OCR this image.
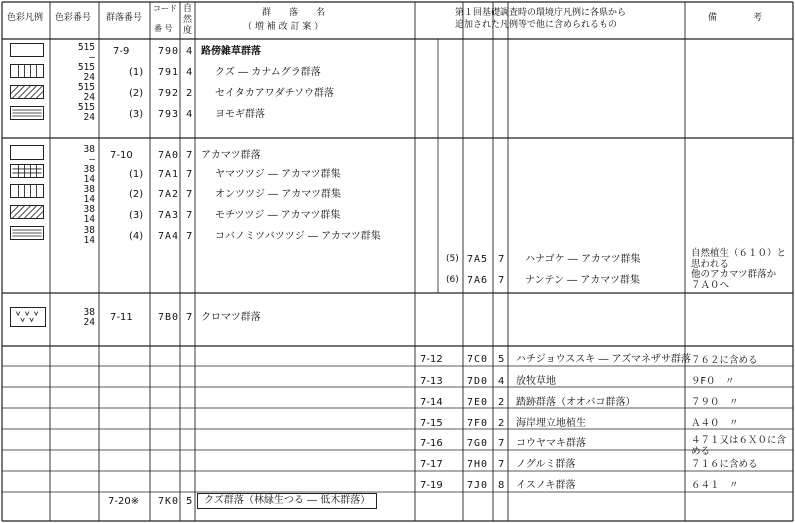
色彩凡例 色彩番号 群落番号
コード
番 号
自
然
度
群　　落　　名
（ 増 補 改 訂 案 ）
第１回基礎調査時の環境庁凡例に各県から
追加された凡例等で他に含められるもの
備　　　　考
515
—
515
24
515
24
515
24
7-9
(1)
(2)
(3)
790
791
792
793
4
4
2
4
路傍雑草群落
クズ ― カナムグラ群落
セイタカアワダチソウ群落
ヨモギ群落
38
—
38
14
38
14
38
14
38
14
7-10
(1)
(2)
(3)
(4)
7A0
7A1
7A2
7A3
7A4
7
7
7
7
7
アカマツ群落
ヤマツツジ ― アカマツ群集
オンツツジ ― アカマツ群集
モチツツジ ― アカマツ群集
コバノミツバツツジ ― アカマツ群集
(5)
(6)
7A5
7A6
7
7
ハナゴケ ― アカマツ群集
ナンテン ― アカマツ群集
自然植生（６１０）と
思われる
他のアカマツ群落か
７Ａ０へ
38
24 7-11	7B0 7 クロマツ群落
7-12
7-13
7-14
7-15
7-16
7-17
7-19
7C0
7D0
7E0
7F0
7G0
7H0
7J0
5
4
2
2
7
7
8
ハチジョウススキ ― アズマネザサ群落
放牧草地
踏跡群落（オオバコ群落）
海岸埋立地植生
コウヤマキ群落
ノグルミ群落
イスノキ群落
７６２に含める
９F０　〃
７９０　〃
Ａ４０　〃
４７１又は６Ｘ０に含
める
７１６に含める
６４１　〃
7-20※ 7K0 5	クズ群落（林縁生つる ― 低木群落）
